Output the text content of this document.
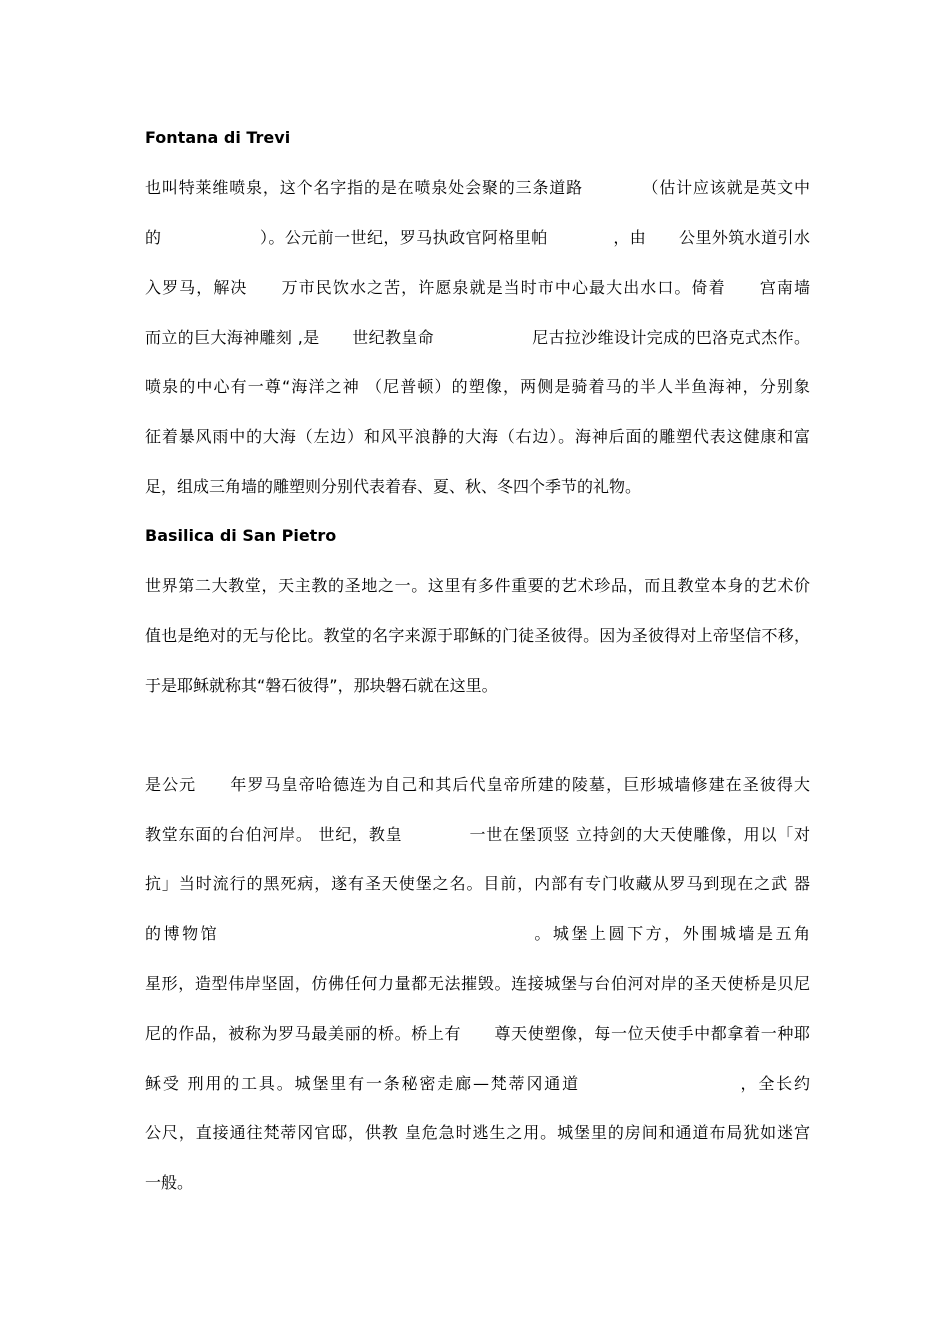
Fontana di Trevi
也叫特莱维喷泉，这个名字指的是在喷泉处会聚的三条道路　　　　（估计应该就是英文中
的　　　　　　）。公元前一世纪，罗马执政官阿格里帕　　　　，由　　公里外筑水道引水
入罗马，解决　　万市民饮水之苦，许愿泉就是当时市中心最大出水口。倚着　　宫南墙
而立的巨大海神雕刻 ,是　　世纪教皇命　　　　　　尼古拉沙维设计完成的巴洛克式杰作。
喷泉的中心有一尊“海洋之神 （尼普顿）的塑像，两侧是骑着马的半人半鱼海神，分别象
征着暴风雨中的大海（左边）和风平浪静的大海（右边）。海神后面的雕塑代表这健康和富
足，组成三角墙的雕塑则分别代表着春、夏、秋、冬四个季节的礼物。
Basilica di San Pietro
世界第二大教堂，天主教的圣地之一。这里有多件重要的艺术珍品，而且教堂本身的艺术价
值也是绝对的无与伦比。教堂的名字来源于耶稣的门徒圣彼得。因为圣彼得对上帝坚信不移，
于是耶稣就称其“磐石彼得”，那块磐石就在这里。
是公元　　年罗马皇帝哈德连为自己和其后代皇帝所建的陵墓，巨形城墙修建在圣彼得大
教堂东面的台伯河岸。 世纪，教皇　　　　一世在堡顶竖 立持剑的大天使雕像，用以「对
抗」当时流行的黑死病，遂有圣天使堡之名。目前，内部有专门收藏从罗马到现在之武 器
的博物馆　　　　　　　　　　　　　　　　　。城堡上圆下方，外围城墙是五角
星形，造型伟岸坚固，仿佛任何力量都无法摧毁。连接城堡与台伯河对岸的圣天使桥是贝尼
尼的作品，被称为罗马最美丽的桥。桥上有　　尊天使塑像，每一位天使手中都拿着一种耶
稣受 刑用的工具。城堡里有一条秘密走廊—梵蒂冈通道　　　　　　　　　，全长约
公尺，直接通往梵蒂冈官邸，供教 皇危急时逃生之用。城堡里的房间和通道布局犹如迷宫
一般。
